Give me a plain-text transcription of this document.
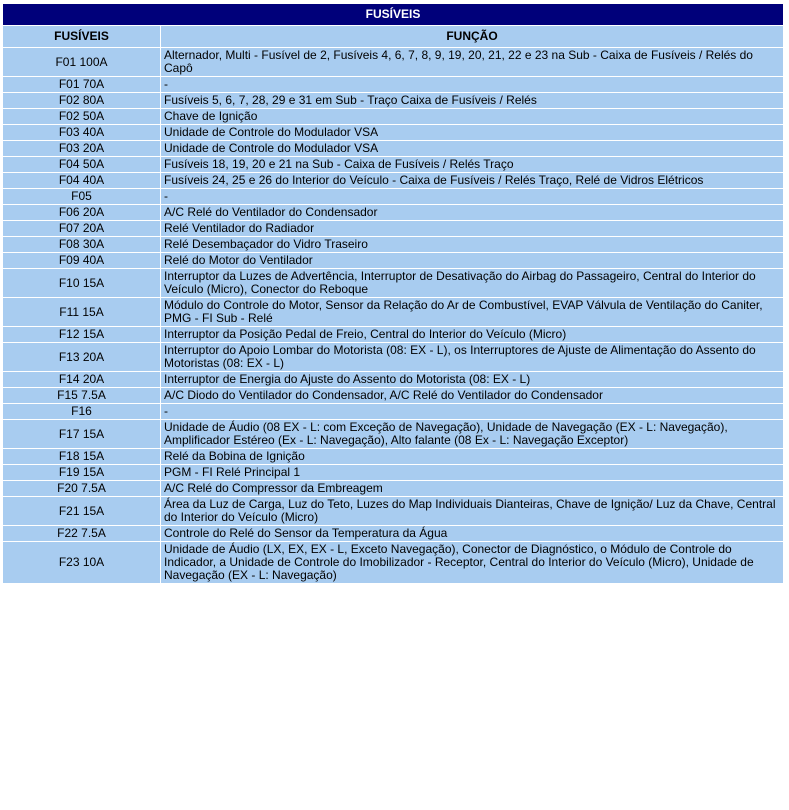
FUSÍVEIS	
FUSÍVEIS	FUNÇÃO
F01 100A	Alternador, Multi - Fusível de 2, Fusíveis 4, 6, 7, 8, 9, 19, 20, 21, 22 e 23 na Sub - Caixa de Fusíveis / Relés do Capô
F01 70A	-
F02 80A	Fusíveis 5, 6, 7, 28, 29 e 31 em Sub - Traço Caixa de Fusíveis / Relés
F02 50A	Chave de Ignição
F03 40A	Unidade de Controle do Modulador VSA
F03 20A	Unidade de Controle do Modulador VSA
F04 50A	Fusíveis 18, 19, 20 e 21 na Sub - Caixa de Fusíveis / Relés Traço
F04 40A	Fusíveis 24, 25 e 26 do Interior do Veículo - Caixa de Fusíveis / Relés Traço, Relé de Vidros Elétricos
F05	-
F06 20A	A/C Relé do Ventilador do Condensador
F07 20A	Relé Ventilador do Radiador
F08 30A	Relé Desembaçador do Vidro Traseiro
F09 40A	Relé do Motor do Ventilador
F10 15A	Interruptor da Luzes de Advertência, Interruptor de Desativação do Airbag do Passageiro, Central do Interior do Veículo (Micro), Conector do Reboque
F11 15A	Módulo do Controle do Motor, Sensor da Relação do Ar de Combustível, EVAP Válvula de Ventilação do Caniter, PMG - FI Sub - Relé
F12 15A	Interruptor da Posição Pedal de Freio, Central do Interior do Veículo (Micro)
F13 20A	Interruptor do Apoio Lombar do Motorista (08: EX - L), os Interruptores de Ajuste de Alimentação do Assento do Motoristas (08: EX - L)
F14 20A	Interruptor de Energia do Ajuste do Assento do Motorista (08: EX - L)
F15 7.5A	A/C Diodo do Ventilador do Condensador, A/C Relé do Ventilador do Condensador
F16	-
F17 15A	Unidade de Áudio (08 EX - L: com Exceção de Navegação), Unidade de Navegação (EX - L: Navegação), Amplificador Estéreo (Ex - L: Navegação), Alto falante (08 Ex - L: Navegação Exceptor)
F18 15A	Relé da Bobina de Ignição
F19 15A	PGM - FI Relé Principal 1
F20 7.5A	A/C Relé do Compressor da Embreagem
F21 15A	Área da Luz de Carga, Luz do Teto, Luzes do Map Individuais Dianteiras, Chave de Ignição/ Luz da Chave, Central do Interior do Veículo (Micro)
F22 7.5A	Controle do Relé do Sensor da Temperatura da Água
F23 10A	Unidade de Áudio (LX, EX, EX - L, Exceto Navegação), Conector de Diagnóstico, o Módulo de Controle do Indicador, a Unidade de Controle do Imobilizador - Receptor, Central do Interior do Veículo (Micro), Unidade de Navegação (EX - L: Navegação)
